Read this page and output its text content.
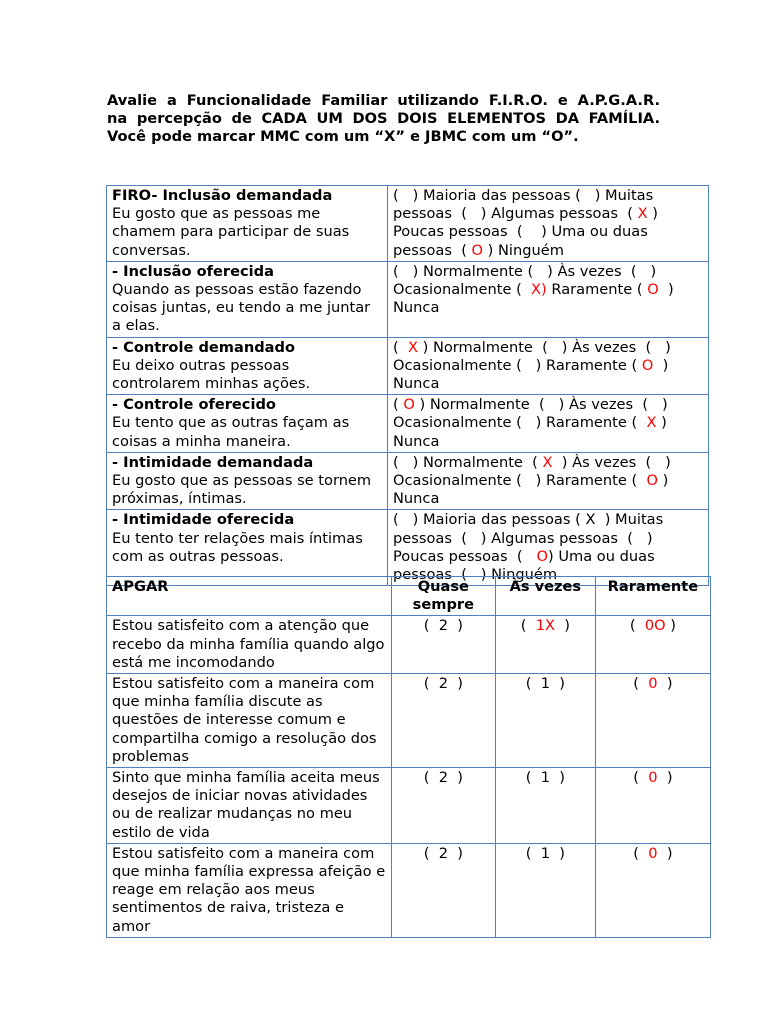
Avalie a Funcionalidade Familiar utilizando F.I.R.O. e A.P.G.A.R.
na percepção de CADA UM DOS DOIS ELEMENTOS DA FAMÍLIA.
Você pode marcar MMC com um “X” e JBMC com um “O”.
FIRO- Inclusão demandada
Eu gosto que as pessoas me chamem para participar de suas conversas.	(   ) Maioria das pessoas (   ) Muitas pessoas  (   ) Algumas pessoas  ( X ) Poucas pessoas  (    ) Uma ou duas pessoas  ( O ) Ninguém

- Inclusão oferecida
Quando as pessoas estão fazendo coisas juntas, eu tendo a me juntar a elas.	(   ) Normalmente (   ) Às vezes  (   ) Ocasionalmente (  X) Raramente ( O  ) Nunca

- Controle demandado
Eu deixo outras pessoas controlarem minhas ações.	(  X ) Normalmente  (   ) Às vezes  (   ) Ocasionalmente (   ) Raramente ( O  ) Nunca

- Controle oferecido
Eu tento que as outras façam as coisas a minha maneira.	( O ) Normalmente  (   ) Às vezes  (   ) Ocasionalmente (   ) Raramente (  X ) Nunca

- Intimidade demandada
Eu gosto que as pessoas se tornem próximas, íntimas.	(   ) Normalmente  ( X  ) Às vezes  (   ) Ocasionalmente (   ) Raramente (  O ) Nunca

- Intimidade oferecida
Eu tento ter relações mais íntimas com as outras pessoas.	(   ) Maioria das pessoas ( X  ) Muitas pessoas  (   ) Algumas pessoas  (   ) Poucas pessoas  (   O) Uma ou duas pessoas  (   ) Ninguém
APGAR	Quase sempre	Às vezes	Raramente
Estou satisfeito com a atenção que recebo da minha família quando algo está me incomodando	(  2  )	(  1X  )	(  0O )
Estou satisfeito com a maneira com que minha família discute as questões de interesse comum e compartilha comigo a resolução dos problemas	(  2  )	(  1  )	(  0  )
Sinto que minha família aceita meus desejos de iniciar novas atividades ou de realizar mudanças no meu estilo de vida	(  2  )	(  1  )	(  0  )
Estou satisfeito com a maneira com que minha família expressa afeição e reage em relação aos meus sentimentos de raiva, tristeza e amor	(  2  )	(  1  )	(  0  )
